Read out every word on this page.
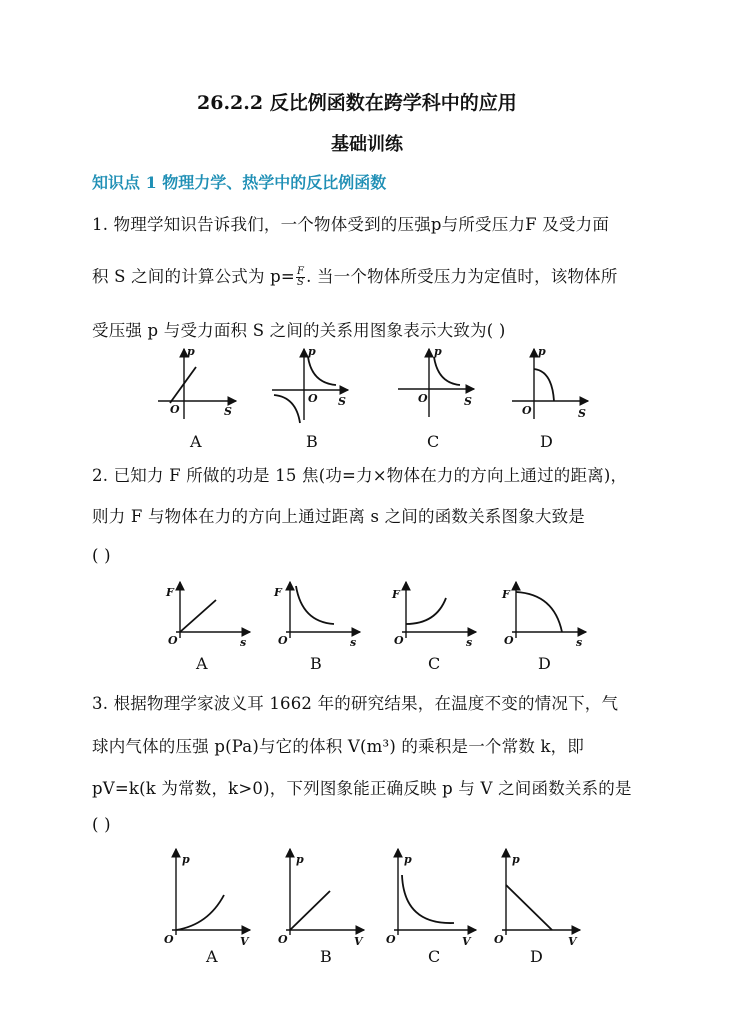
26.2.2 反比例函数在跨学科中的应用
基础训练
知识点 1 物理力学、热学中的反比例函数
1. 物理学知识告诉我们，一个物体受到的压强p与所受压力F 及受力面
积 S 之间的计算公式为 $p= \frac{F}{S}$ . 当一个物体所受压力为定值时，该物体所
受压强 p 与受力面积 S 之间的关系用图象表示大致为( )
p
S
O
p
S
O
p
S
O
p
S
O
A	B	C	D
2. 已知力 F 所做的功是 15 焦(功=力×物体在力的方向上通过的距离)，
则力 F 与物体在力的方向上通过距离 s 之间的函数关系图象大致是
( )
F
s
O
F
s
O
F
s
O
F
s
O
A	B	C	D
3. 根据物理学家波义耳 1662 年的研究结果，在温度不变的情况下，气
球内气体的压强 p(Pa)与它的体积 V(m³) 的乘积是一个常数 k，即
pV=k(k 为常数，k>0)，下列图象能正确反映 p 与 V 之间函数关系的是
( )
p
V
O
p
V
O
p
V
O
p
V
O
A	B	C	D
